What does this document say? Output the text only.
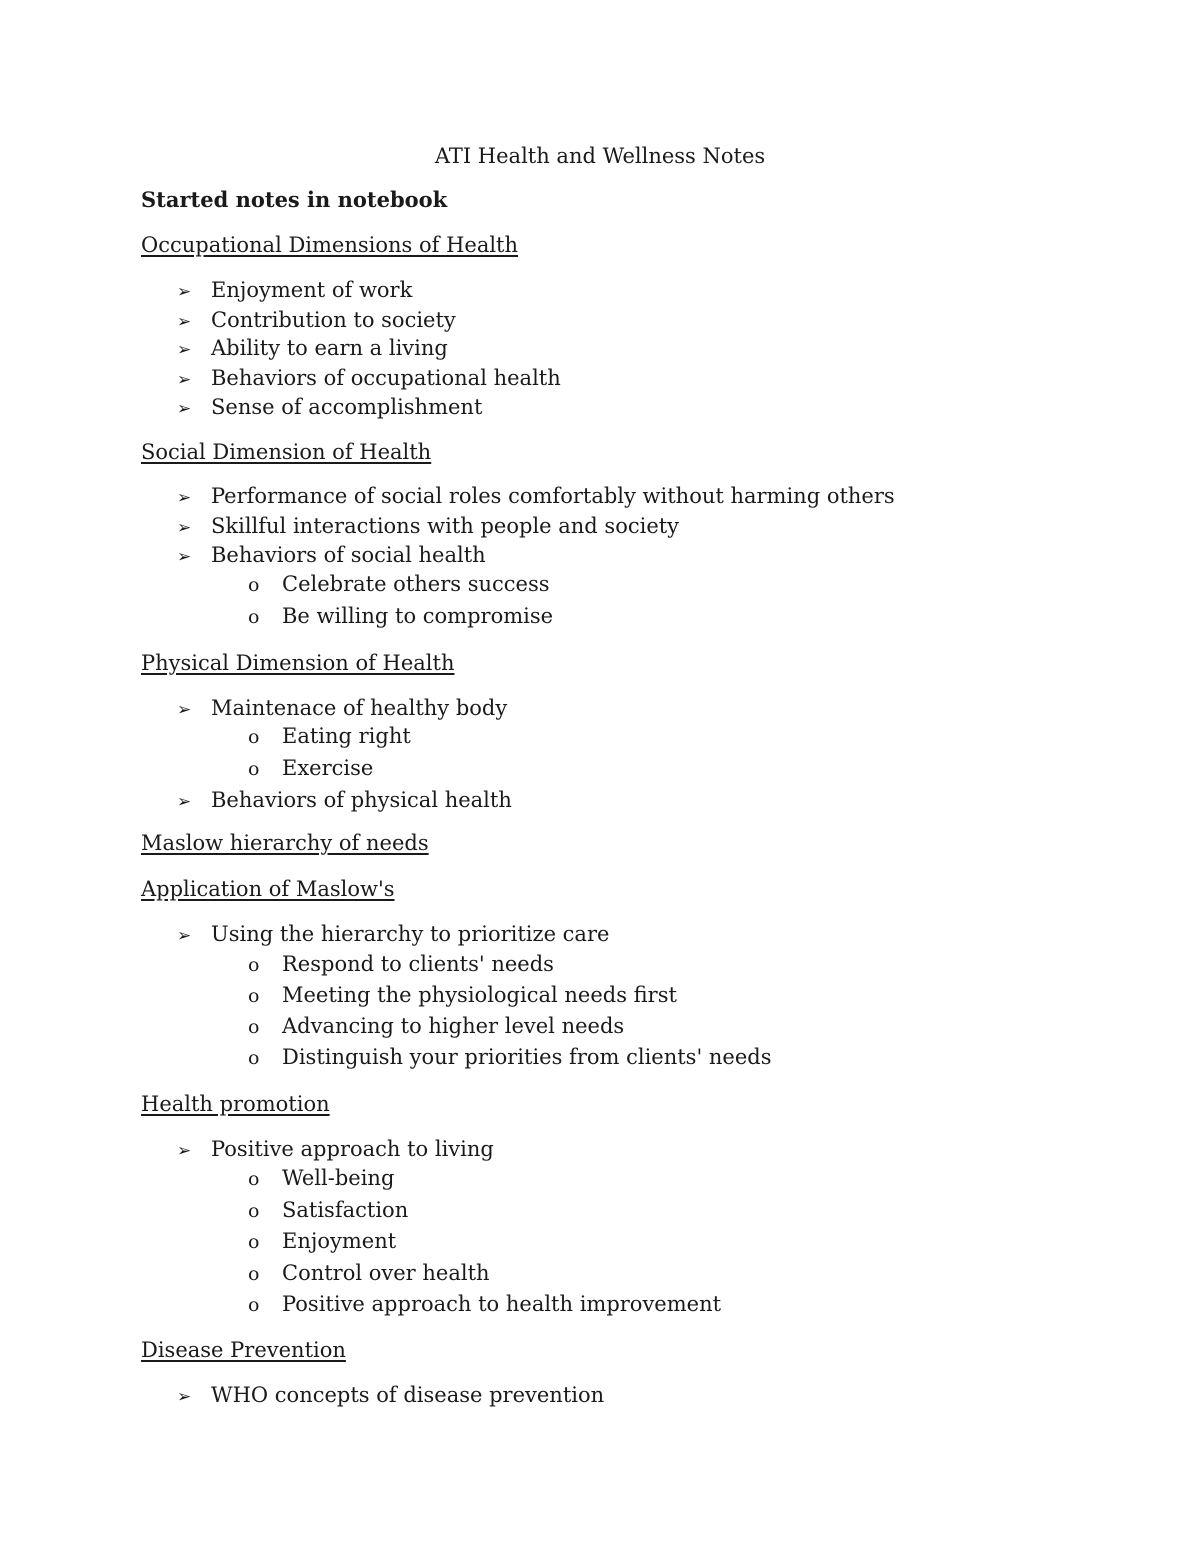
ATI Health and Wellness Notes
Started notes in notebook
Occupational Dimensions of Health
➢ Enjoyment of work
➢ Contribution to society
➢ Ability to earn a living
➢ Behaviors of occupational health
➢ Sense of accomplishment
Social Dimension of Health
➢ Performance of social roles comfortably without harming others
➢ Skillful interactions with people and society
➢ Behaviors of social health
o Celebrate others success
o Be willing to compromise
Physical Dimension of Health
➢ Maintenace of healthy body
o Eating right
o Exercise
➢ Behaviors of physical health
Maslow hierarchy of needs
Application of Maslow's
➢ Using the hierarchy to prioritize care
o Respond to clients' needs
o Meeting the physiological needs first
o Advancing to higher level needs
o Distinguish your priorities from clients' needs
Health promotion
➢ Positive approach to living
o Well-being
o Satisfaction
o Enjoyment
o Control over health
o Positive approach to health improvement
Disease Prevention
➢ WHO concepts of disease prevention
